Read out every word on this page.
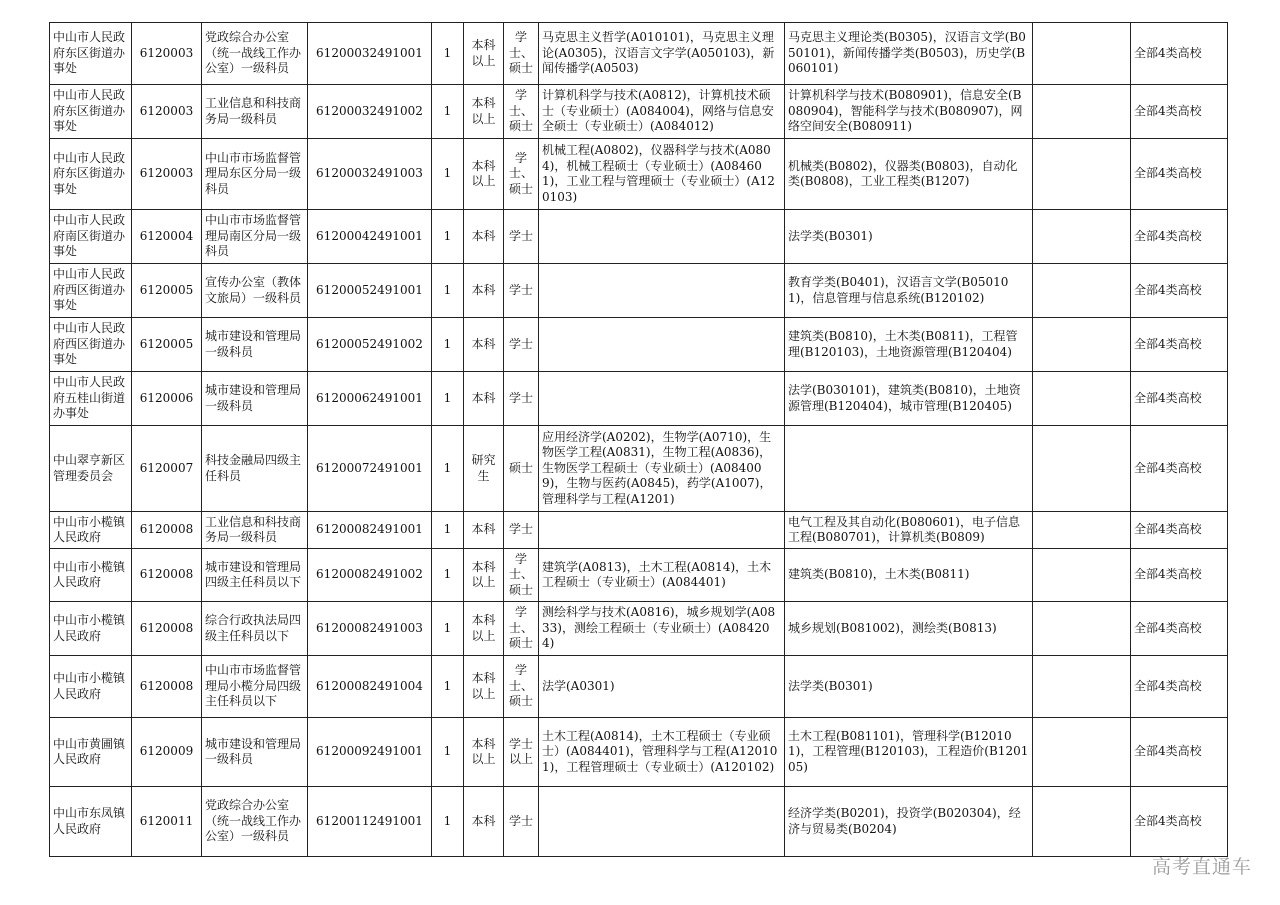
中山市人民政府东区街道办事处	6120003	党政综合办公室（统一战线工作办公室）一级科员	61200032491001	1	本科以上	学士、硕士	马克思主义哲学(A010101)，马克思主义理论(A0305)，汉语言文字学(A050103)，新闻传播学(A0503)	马克思主义理论类(B0305)，汉语言文学(B050101)，新闻传播学类(B0503)，历史学(B060101)		全部4类高校
中山市人民政府东区街道办事处	6120003	工业信息和科技商务局一级科员	61200032491002	1	本科以上	学士、硕士	计算机科学与技术(A0812)，计算机技术硕士（专业硕士）(A084004)，网络与信息安全硕士（专业硕士）(A084012)	计算机科学与技术(B080901)，信息安全(B080904)，智能科学与技术(B080907)，网络空间安全(B080911)		全部4类高校
中山市人民政府东区街道办事处	6120003	中山市市场监督管理局东区分局一级科员	61200032491003	1	本科以上	学士、硕士	机械工程(A0802)，仪器科学与技术(A0804)，机械工程硕士（专业硕士）(A084601)，工业工程与管理硕士（专业硕士）(A120103)	机械类(B0802)，仪器类(B0803)，自动化类(B0808)，工业工程类(B1207)		全部4类高校
中山市人民政府南区街道办事处	6120004	中山市市场监督管理局南区分局一级科员	61200042491001	1	本科	学士		法学类(B0301)		全部4类高校
中山市人民政府西区街道办事处	6120005	宣传办公室（教体文旅局）一级科员	61200052491001	1	本科	学士		教育学类(B0401)，汉语言文学(B050101)，信息管理与信息系统(B120102)		全部4类高校
中山市人民政府西区街道办事处	6120005	城市建设和管理局一级科员	61200052491002	1	本科	学士		建筑类(B0810)，土木类(B0811)，工程管理(B120103)，土地资源管理(B120404)		全部4类高校
中山市人民政府五桂山街道办事处	6120006	城市建设和管理局一级科员	61200062491001	1	本科	学士		法学(B030101)，建筑类(B0810)，土地资源管理(B120404)，城市管理(B120405)		全部4类高校
中山翠亨新区管理委员会	6120007	科技金融局四级主任科员	61200072491001	1	研究生	硕士	应用经济学(A0202)，生物学(A0710)，生物医学工程(A0831)，生物工程(A0836)，生物医学工程硕士（专业硕士）(A084009)，生物与医药(A0845)，药学(A1007)，管理科学与工程(A1201)			全部4类高校
中山市小榄镇人民政府	6120008	工业信息和科技商务局一级科员	61200082491001	1	本科	学士		电气工程及其自动化(B080601)，电子信息工程(B080701)，计算机类(B0809)		全部4类高校
中山市小榄镇人民政府	6120008	城市建设和管理局四级主任科员以下	61200082491002	1	本科以上	学士、硕士	建筑学(A0813)，土木工程(A0814)，土木工程硕士（专业硕士）(A084401)	建筑类(B0810)，土木类(B0811)		全部4类高校
中山市小榄镇人民政府	6120008	综合行政执法局四级主任科员以下	61200082491003	1	本科以上	学士、硕士	测绘科学与技术(A0816)，城乡规划学(A0833)，测绘工程硕士（专业硕士）(A084204)	城乡规划(B081002)，测绘类(B0813)		全部4类高校
中山市小榄镇人民政府	6120008	中山市市场监督管理局小榄分局四级主任科员以下	61200082491004	1	本科以上	学士、硕士	法学(A0301)	法学类(B0301)		全部4类高校
中山市黄圃镇人民政府	6120009	城市建设和管理局一级科员	61200092491001	1	本科以上	学士以上	土木工程(A0814)，土木工程硕士（专业硕士）(A084401)，管理科学与工程(A120101)，工程管理硕士（专业硕士）(A120102)	土木工程(B081101)，管理科学(B120101)，工程管理(B120103)，工程造价(B120105)		全部4类高校
中山市东凤镇人民政府	6120011	党政综合办公室（统一战线工作办公室）一级科员	61200112491001	1	本科	学士		经济学类(B0201)，投资学(B020304)，经济与贸易类(B0204)		全部4类高校
高考直通车
